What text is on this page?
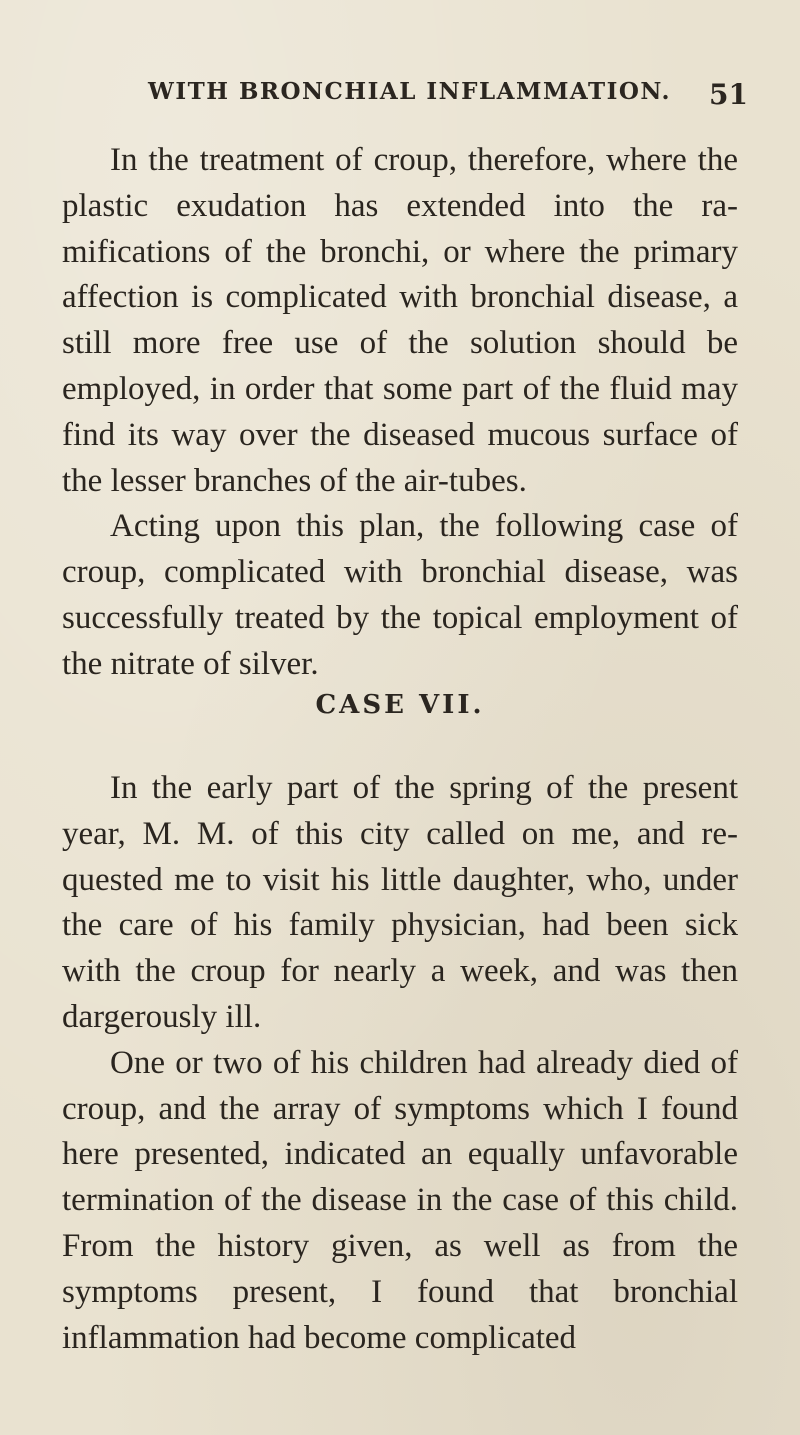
WITH BRONCHIAL INFLAMMATION. 51

In the treatment of croup, therefore, where the plastic exudation has extended into the ramifications of the bronchi, or where the primary affection is complicated with bronchial disease, a still more free use of the solution should be employed, in order that some part of the fluid may find its way over the diseased mucous surface of the lesser branches of the air-tubes.

Acting upon this plan, the following case of croup, complicated with bronchial disease, was successfully treated by the topical employment of the nitrate of silver.

CASE VII.

In the early part of the spring of the present year, M. M. of this city called on me, and requested me to visit his little daughter, who, under the care of his family physician, had been sick with the croup for nearly a week, and was then dargerously ill.

One or two of his children had already died of croup, and the array of symptoms which I found here presented, indicated an equally unfavorable termination of the disease in the case of this child. From the history given, as well as from the symptoms present, I found that bronchial inflammation had become complicated
